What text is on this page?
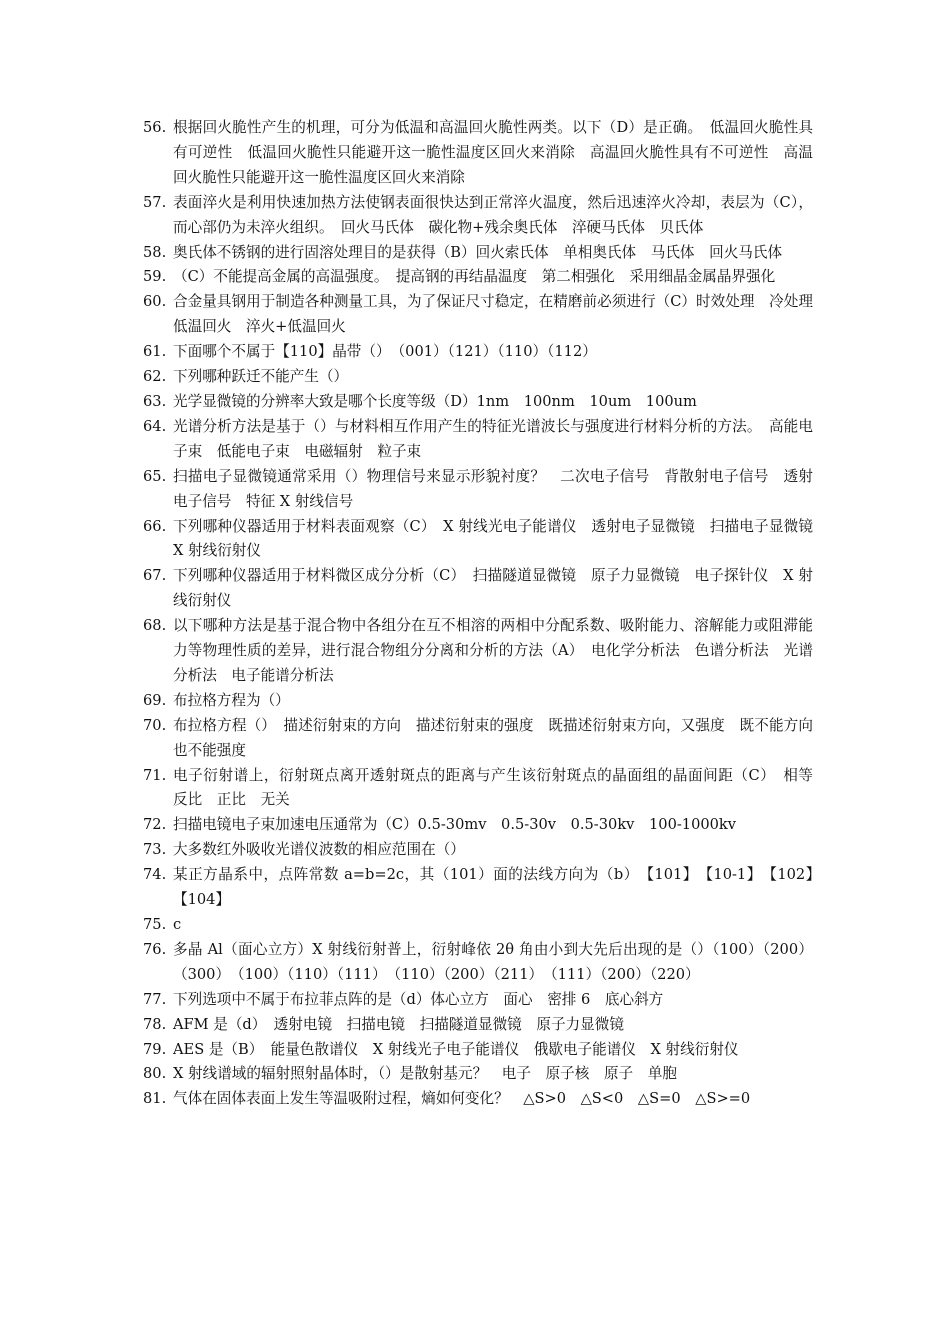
56. 根据回火脆性产生的机理，可分为低温和高温回火脆性两类。以下（D）是正确。　低温回火脆性具有可逆性　低温回火脆性只能避开这一脆性温度区回火来消除　高温回火脆性具有不可逆性　高温回火脆性只能避开这一脆性温度区回火来消除
57. 表面淬火是利用快速加热方法使钢表面很快达到正常淬火温度，然后迅速淬火冷却，表层为（C），而心部仍为未淬火组织。　回火马氏体　碳化物+残余奥氏体　淬硬马氏体　贝氏体
58. 奥氏体不锈钢的进行固溶处理目的是获得（B）回火索氏体　单相奥氏体　马氏体　回火马氏体
59. （C）不能提高金属的高温强度。　提高钢的再结晶温度　第二相强化　采用细晶金属晶界强化
60. 合金量具钢用于制造各种测量工具，为了保证尺寸稳定，在精磨前必须进行（C）时效处理　冷处理　低温回火　淬火+低温回火
61. 下面哪个不属于【110】晶带（）　（001）（121）（110）（112）
62. 下列哪种跃迁不能产生（）
63. 光学显微镜的分辨率大致是哪个长度等级（D）1nm　100nm　10um　100um
64. 光谱分析方法是基于（）与材料相互作用产生的特征光谱波长与强度进行材料分析的方法。　高能电子束　低能电子束　电磁辐射　粒子束
65. 扫描电子显微镜通常采用（）物理信号来显示形貌衬度？　二次电子信号　背散射电子信号　透射电子信号　特征 X 射线信号
66. 下列哪种仪器适用于材料表面观察（C）　X 射线光电子能谱仪　透射电子显微镜　扫描电子显微镜　X 射线衍射仪
67. 下列哪种仪器适用于材料微区成分分析（C）　扫描隧道显微镜　原子力显微镜　电子探针仪　X 射线衍射仪
68. 以下哪种方法是基于混合物中各组分在互不相溶的两相中分配系数、吸附能力、溶解能力或阻滞能力等物理性质的差异，进行混合物组分分离和分析的方法（A）　电化学分析法　色谱分析法　光谱分析法　电子能谱分析法
69. 布拉格方程为（）
70. 布拉格方程（）　描述衍射束的方向　描述衍射束的强度　既描述衍射束方向，又强度　既不能方向也不能强度
71. 电子衍射谱上，衍射斑点离开透射斑点的距离与产生该衍射斑点的晶面组的晶面间距（C）　相等　反比　正比　无关
72. 扫描电镜电子束加速电压通常为（C）0.5-30mv　0.5-30v　0.5-30kv　100-1000kv
73. 大多数红外吸收光谱仪波数的相应范围在（）
74. 某正方晶系中，点阵常数 a=b=2c，其（101）面的法线方向为（b）　【101】　【10-1】　【102】　【104】
75. c
76. 多晶 Al（面心立方）X 射线衍射普上，衍射峰依 2θ 角由小到大先后出现的是（）（100）（200）（300）　（100）（110）（111）　（110）（200）（211）　（111）（200）（220）
77. 下列选项中不属于布拉菲点阵的是（d）体心立方　面心　密排 6　底心斜方
78. AFM 是（d）　透射电镜　扫描电镜　扫描隧道显微镜　原子力显微镜
79. AES 是（B）　能量色散谱仪　X 射线光子电子能谱仪　俄歇电子能谱仪　X 射线衍射仪
80. X 射线谱域的辐射照射晶体时，（）是散射基元？　电子　原子核　原子　单胞
81. 气体在固体表面上发生等温吸附过程，熵如何变化？　△S>0　△S<0　△S=0　△S>=0
